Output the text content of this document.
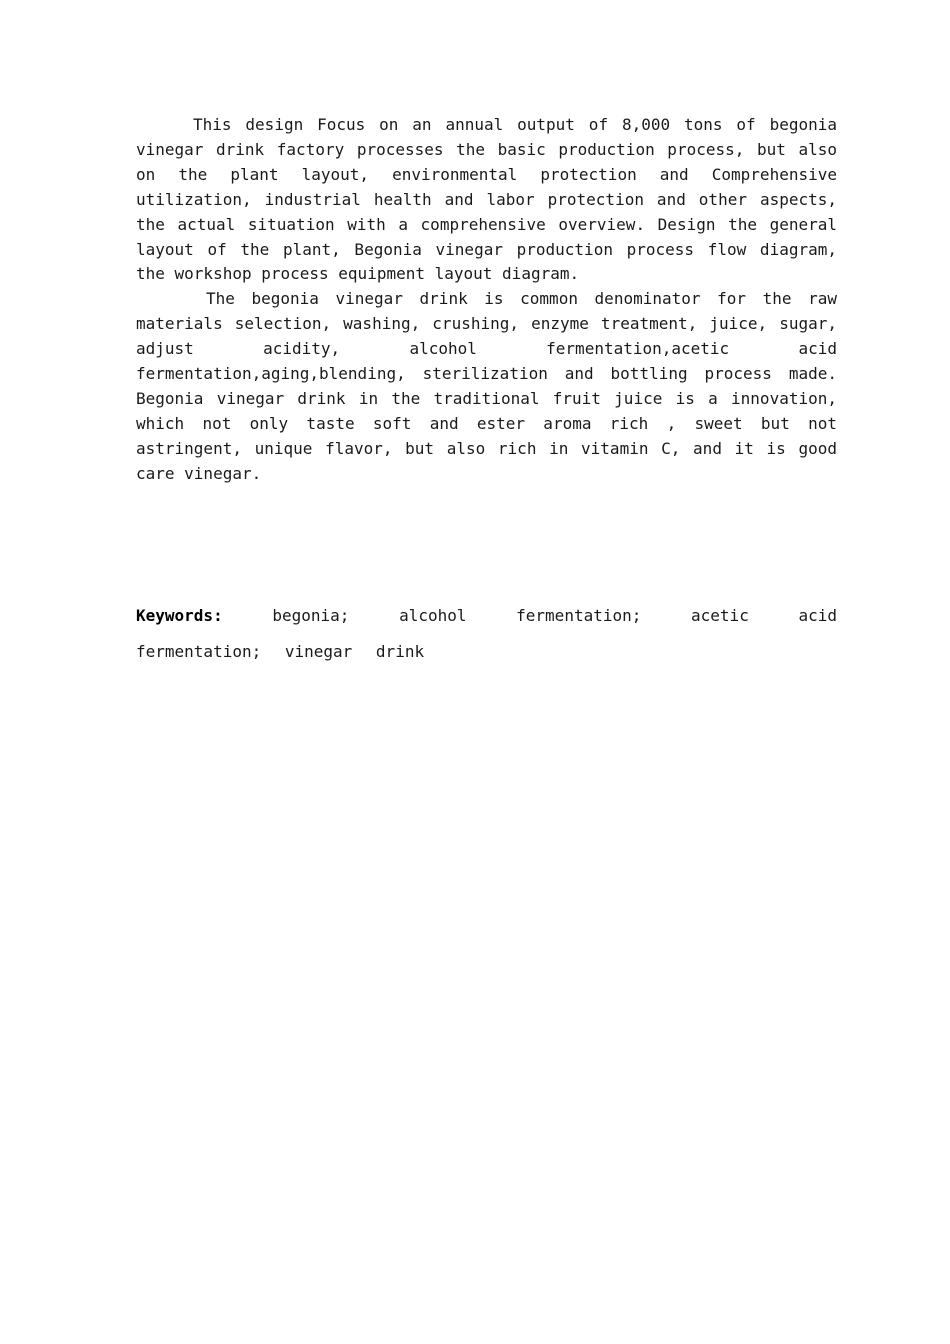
This design Focus on an annual output of 8,000 tons of begonia vinegar drink factory processes the basic production process, but also on the plant layout, environmental protection and Comprehensive utilization, industrial health and labor protection and other aspects, the actual situation with a comprehensive overview. Design the general layout of the plant, Begonia vinegar production process flow diagram, the workshop process equipment layout diagram.

The begonia vinegar drink is common denominator for the raw materials selection, washing, crushing, enzyme treatment, juice, sugar, adjust acidity, alcohol fermentation,acetic acid fermentation,aging,blending, sterilization and bottling process made. Begonia vinegar drink in the traditional fruit juice is a innovation, which not only taste soft and ester aroma rich , sweet but not astringent, unique flavor, but also rich in vitamin C, and it is good care vinegar.

Keywords:	begonia; alcohol fermentation; acetic acid fermentation; vinegar drink
